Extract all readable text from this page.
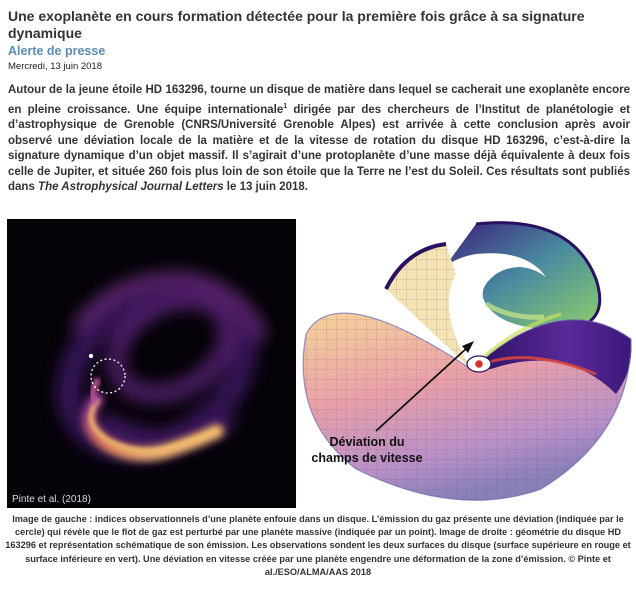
Une exoplanète en cours formation détectée pour la première fois grâce à sa signature dynamique
Alerte de presse
Mercredi, 13 juin 2018

Autour de la jeune étoile HD 163296, tourne un disque de matière dans lequel se cacherait une exoplanète encore en pleine croissance. Une équipe internationale$^1$ dirigée par des chercheurs de l’Institut de planétologie et d’astrophysique de Grenoble (CNRS/Université Grenoble Alpes) est arrivée à cette conclusion après avoir observé une déviation locale de la matière et de la vitesse de rotation du disque HD 163296, c’est-à-dire la signature dynamique d’un objet massif. Il s’agirait d’une protoplanète d’une masse déjà équivalente à deux fois celle de Jupiter, et située 260 fois plus loin de son étoile que la Terre ne l’est du Soleil. Ces résultats sont publiés dans The Astrophysical Journal Letters le 13 juin 2018.

Pinte et al. (2018)
Déviation du
champs de vitesse

Image de gauche : indices observationnels d’une planète enfouie dans un disque. L’émission du gaz présente une déviation (indiquée par le cercle) qui révèle que le flot de gaz est perturbé par une planète massive (indiquée par un point). Image de droite : géométrie du disque HD 163296 et représentation schématique de son émission. Les observations sondent les deux surfaces du disque (surface supérieure en rouge et surface inférieure en vert). Une déviation en vitesse créée par une planète engendre une déformation de la zone d’émission. © Pinte et al./ESO/ALMA/AAS 2018
